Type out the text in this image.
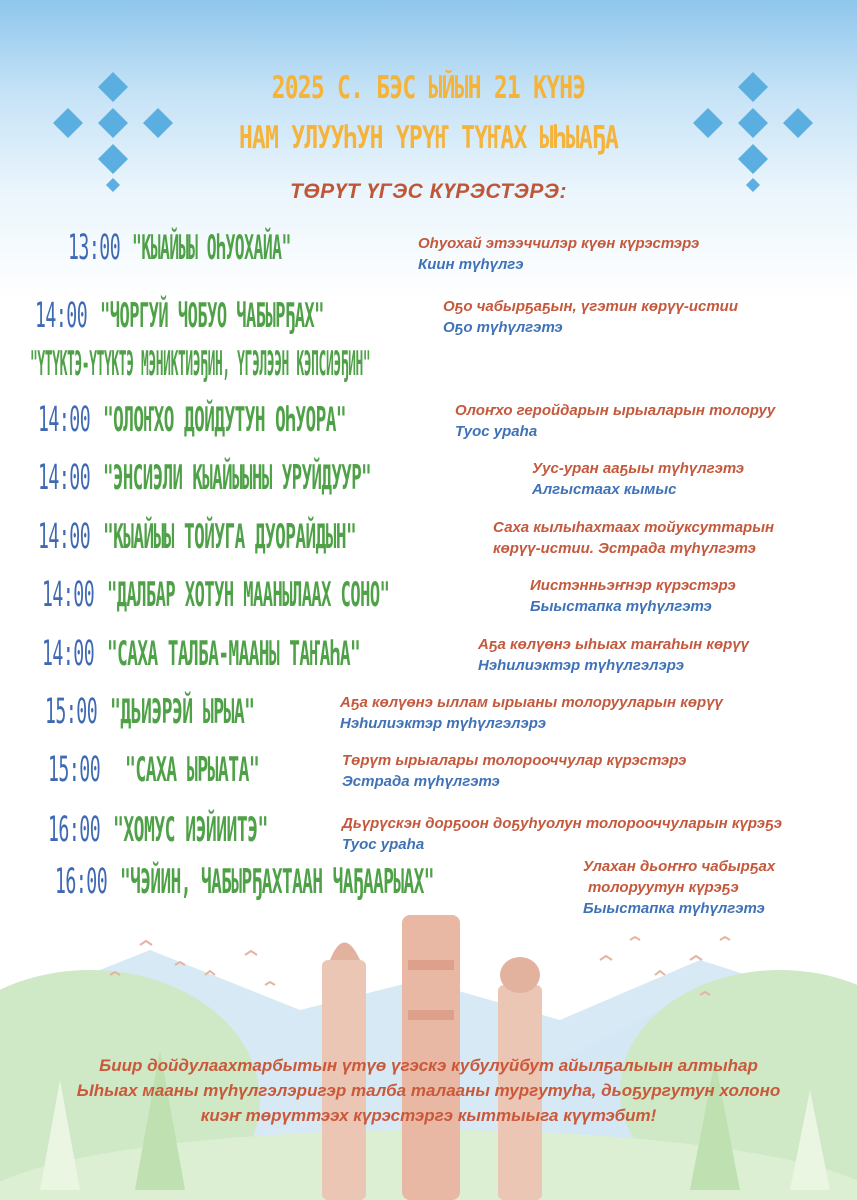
2025 С. БЭС ЫЙЫН 21 КҮНЭ
НАМ УЛУУҺУН ҮРҮҤ ТҮҤАХ ЫҺЫАҔА
ТӨРҮТ ҮГЭС КҮРЭСТЭРЭ:
13:00 "КЫАЙЫЫ ОҺУОХАЙА"	Оһуохай этээччилэр күөн күрэстэрэ
Киин түһүлгэ
14:00 "ЧОРГУЙ ЧОБУО ЧАБЫРҔАХ"	Оҕо чабырҕаҕын, үгэтин көрүү-истии
Оҕо түһүлгэтэ
"ҮТҮКТЭ-ҮТҮКТЭ МЭНИКТИЭҔИН, ҮГЭЛЭЭН КЭПСИЭҔИН"
14:00 "ОЛОҤХО ДОЙДУТУН ОҺУОРА"	Олоҥхо геройдарын ырыаларын толоруу
Туос ураһа
14:00 "ЭНСИЭЛИ КЫАЙЫЫНЫ УРУЙДУУР"	Уус-уран ааҕыы түһүлгэтэ
Алгыстаах кымыс
14:00 "КЫАЙЫЫ ТОЙУГА ДУОРАЙДЫН"	Саха кылыһахтаах тойуксуттарын
көрүү-истии. Эстрада түһүлгэтэ
14:00 "ДАЛБАР ХОТУН МААНЫЛААХ СОНО"	Иистэнньэҥнэр күрэстэрэ
Быыстапка түһүлгэтэ
14:00 "САХА ТАЛБА-МААНЫ ТАҤАҺА"	Аҕа көлүөнэ ыһыах таҥаһын көрүү
Нэһилиэктэр түһүлгэлэрэ
15:00 "ДЬИЭРЭЙ ЫРЫА"	Аҕа көлүөнэ ыллам ырыаны толорууларын көрүү
Нэһилиэктэр түһүлгэлэрэ
15:00 "САХА ЫРЫАТА"	Төрүт ырыалары толорооччулар күрэстэрэ
Эстрада түһүлгэтэ
16:00 "ХОМУС ИЭЙИИТЭ"	Дьүрүскэн дорҕоон доҕуһуолун толорооччуларын күрэҕэ
Туос ураһа
16:00 "ЧЭЙИН, ЧАБЫРҔАХТААН ЧАҔААРЫАХ"	Улахан дьоҥҥо чабырҕах
толоруутун күрэҕэ
Быыстапка түһүлгэтэ
Биир дойдулаахтарбытын үтүө үгэскэ кубулуйбут айылҕалыын алтыһар
Ыһыах мааны түһүлгэлэригэр талба талааны тургутуһа, дьоҕургутун холоно
киэҥ төрүттээх күрэстэргэ кыттыыга күүтэбит!
